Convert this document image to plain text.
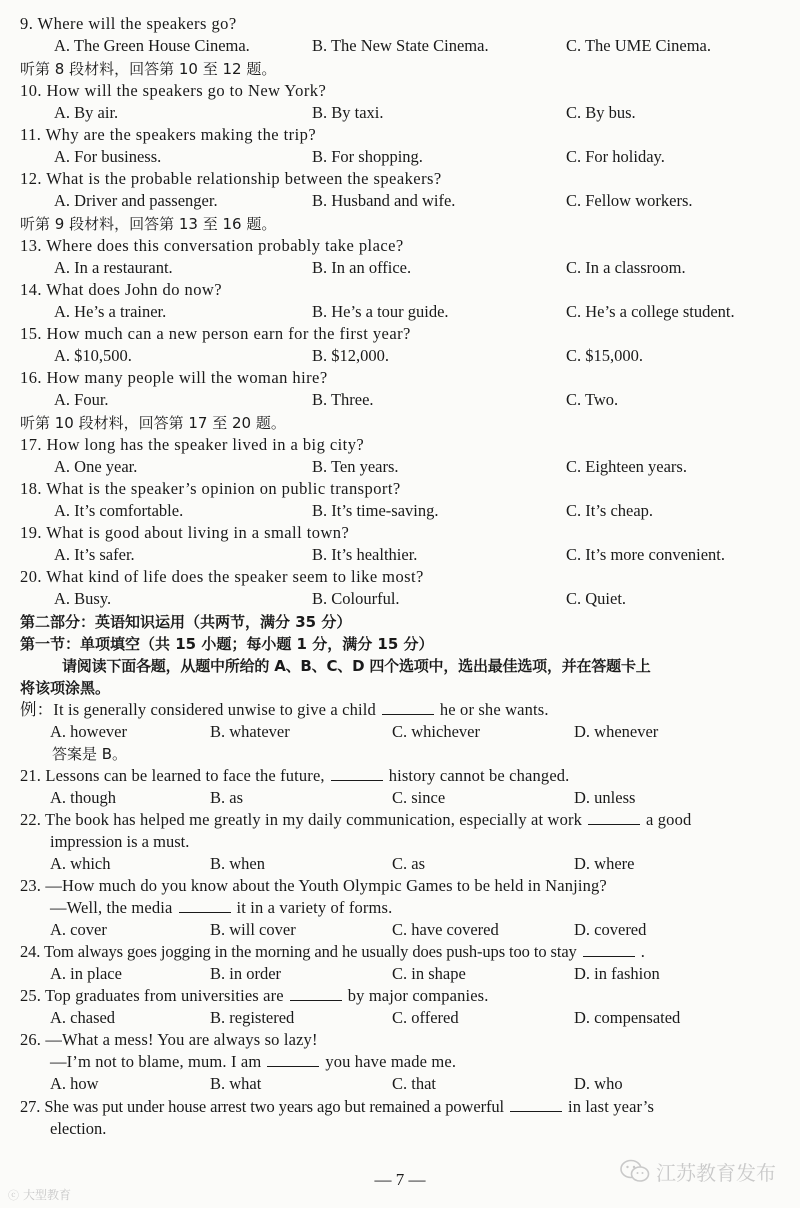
9. Where will the speakers go?
A. The Green House Cinema.	B. The New State Cinema.	C. The UME Cinema.
听第 8 段材料，回答第 10 至 12 题。
10. How will the speakers go to New York?
A. By air.	B. By taxi.	C. By bus.
11. Why are the speakers making the trip?
A. For business.	B. For shopping.	C. For holiday.
12. What is the probable relationship between the speakers?
A. Driver and passenger.	B. Husband and wife.	C. Fellow workers.
听第 9 段材料，回答第 13 至 16 题。
13. Where does this conversation probably take place?
A. In a restaurant.	B. In an office.	C. In a classroom.
14. What does John do now?
A. He’s a trainer.	B. He’s a tour guide.	C. He’s a college student.
15. How much can a new person earn for the first year?
A. $10,500.	B. $12,000.	C. $15,000.
16. How many people will the woman hire?
A. Four.	B. Three.	C. Two.
听第 10 段材料，回答第 17 至 20 题。
17. How long has the speaker lived in a big city?
A. One year.	B. Ten years.	C. Eighteen years.
18. What is the speaker’s opinion on public transport?
A. It’s comfortable.	B. It’s time-saving.	C. It’s cheap.
19. What is good about living in a small town?
A. It’s safer.	B. It’s healthier.	C. It’s more convenient.
20. What kind of life does the speaker seem to like most?
A. Busy.	B. Colourful.	C. Quiet.
第二部分：英语知识运用（共两节，满分 35 分）
第一节：单项填空（共 15 小题；每小题 1 分，满分 15 分）
请阅读下面各题，从题中所给的 A、B、C、D 四个选项中，选出最佳选项，并在答题卡上
将该项涂黑。
例：It is generally considered unwise to give a child	he or she wants.
A. however	B. whatever	C. whichever	D. whenever
答案是 B。
21. Lessons can be learned to face the future,	history cannot be changed.
A. though	B. as	C. since	D. unless
22. The book has helped me greatly in my daily communication, especially at work	a good
impression is a must.
A. which	B. when	C. as	D. where
23. —How much do you know about the Youth Olympic Games to be held in Nanjing?
—Well, the media	it in a variety of forms.
A. cover	B. will cover	C. have covered	D. covered
24. Tom always goes jogging in the morning and he usually does push-ups too to stay	.
A. in place	B. in order	C. in shape	D. in fashion
25. Top graduates from universities are	by major companies.
A. chased	B. registered	C. offered	D. compensated
26. —What a mess! You are always so lazy!
—I’m not to blame, mum. I am	you have made me.
A. how	B. what	C. that	D. who
27. She was put under house arrest two years ago but remained a powerful	in last year’s
election.
— 7 —	江苏教育发布
ⓒ 大型教育
